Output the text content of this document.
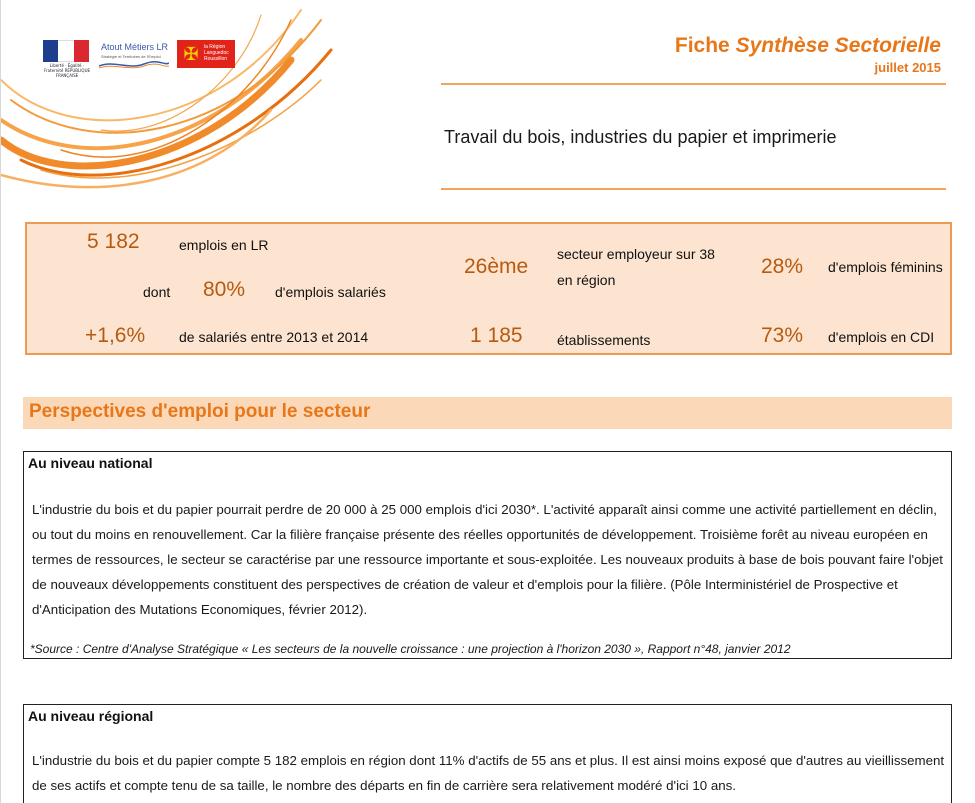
Liberté · Égalité · Fraternité RÉPUBLIQUE FRANÇAISE
Atout Métiers LR
Stratégie et Territoires de l'Emploi ✠	la Région Languedoc Roussillon
Fiche Synthèse Sectorielle
juillet 2015
Travail du bois, industries du papier et imprimerie
5 182	emplois en LR
dont 80% d'emplois salariés
+1,6% de salariés entre 2013 et 2014
26ème
secteur employeur sur 38
en région
1 185 établissements
28% d'emplois féminins
73% d'emplois en CDI
Perspectives d'emploi pour le secteur
Au niveau national

L'industrie du bois et du papier pourrait perdre de 20 000 à 25 000 emplois d'ici 2030*. L'activité apparaît ainsi comme une activité partiellement en déclin, ou tout du moins en renouvellement. Car la filière française présente des réelles opportunités de développement. Troisième forêt au niveau européen en termes de ressources, le secteur se caractérise par une ressource importante et sous-exploitée. Les nouveaux produits à base de bois pouvant faire l'objet de nouveaux développements constituent des perspectives de création de valeur et d'emplois pour la filière. (Pôle Interministériel de Prospective et d'Anticipation des Mutations Economiques, février 2012).

*Source : Centre d'Analyse Stratégique « Les secteurs de la nouvelle croissance : une projection à l'horizon 2030 », Rapport n°48, janvier 2012

Au niveau régional

L'industrie du bois et du papier compte 5 182 emplois en région dont 11% d'actifs de 55 ans et plus. Il est ainsi moins exposé que d'autres au vieillissement de ses actifs et compte tenu de sa taille, le nombre des départs en fin de carrière sera relativement modéré d'ici 10 ans.
